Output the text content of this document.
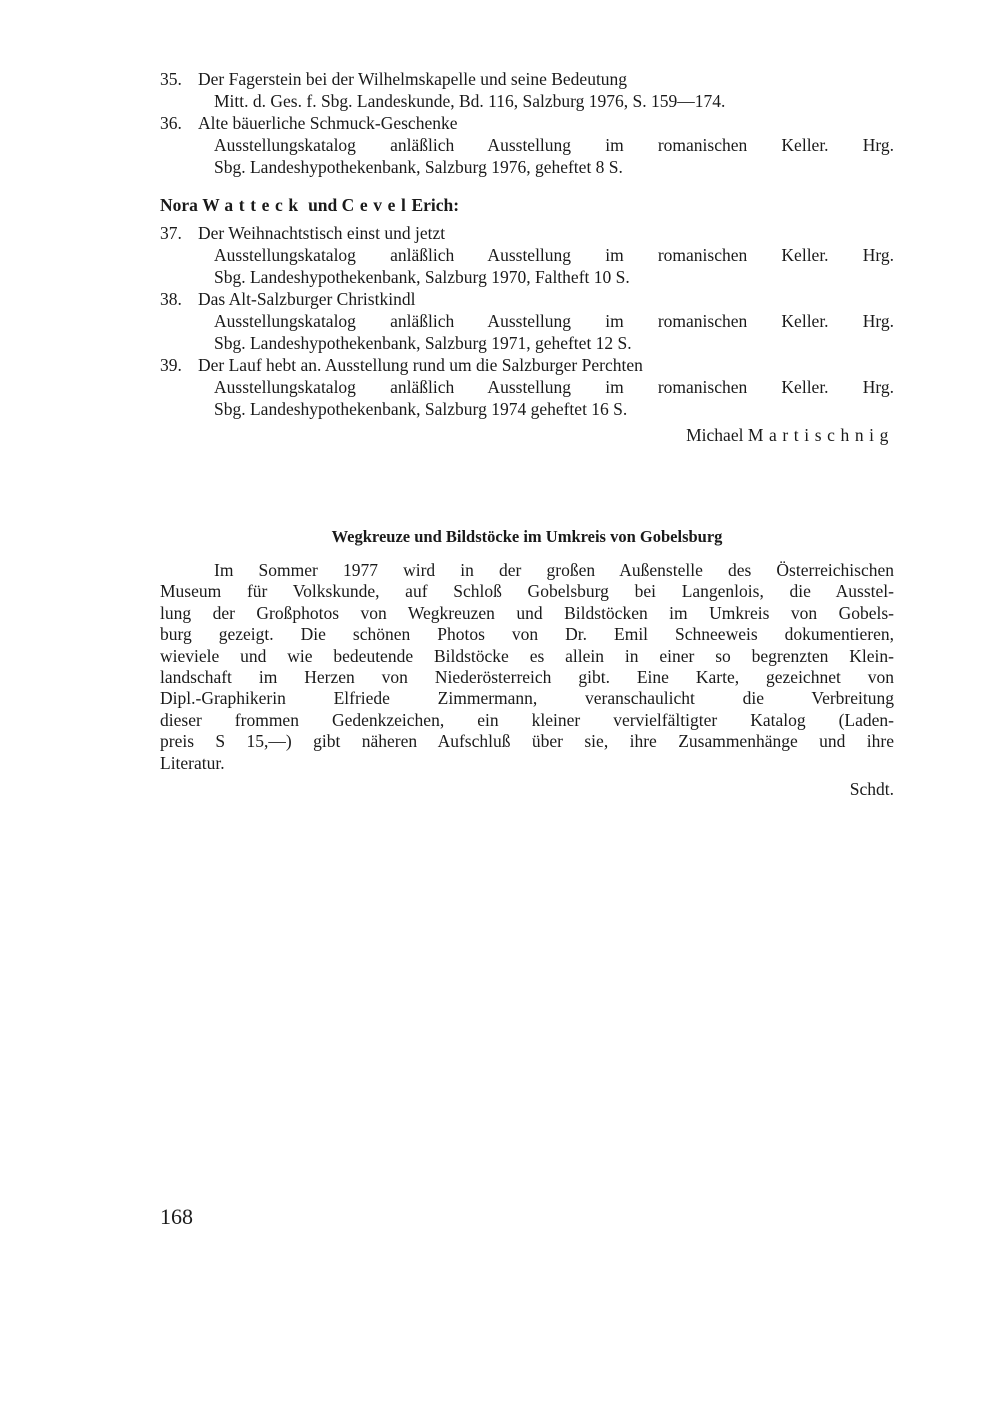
35. Der Fagerstein bei der Wilhelmskapelle und seine Bedeutung
Mitt. d. Ges. f. Sbg. Landeskunde, Bd. 116, Salzburg 1976, S. 159—174.
36. Alte bäuerliche Schmuck-Geschenke
Ausstellungskatalog anläßlich Ausstellung im romanischen Keller. Hrg.
Sbg. Landeshypothekenbank, Salzburg 1976, geheftet 8 S.
Nora Watteck und CevelErich:
37. Der Weihnachtstisch einst und jetzt
Ausstellungskatalog anläßlich Ausstellung im romanischen Keller. Hrg.
Sbg. Landeshypothekenbank, Salzburg 1970, Faltheft 10 S.
38. Das Alt-Salzburger Christkindl
Ausstellungskatalog anläßlich Ausstellung im romanischen Keller. Hrg.
Sbg. Landeshypothekenbank, Salzburg 1971, geheftet 12 S.
39. Der Lauf hebt an. Ausstellung rund um die Salzburger Perchten
Ausstellungskatalog anläßlich Ausstellung im romanischen Keller. Hrg.
Sbg. Landeshypothekenbank, Salzburg 1974 geheftet 16 S.
Michael Martischnig
Wegkreuze und Bildstöcke im Umkreis von Gobelsburg
Im Sommer 1977 wird in der großen Außenstelle des Österreichischen
Museum für Volkskunde, auf Schloß Gobelsburg bei Langenlois, die Ausstel-
lung der Großphotos von Wegkreuzen und Bildstöcken im Umkreis von Gobels-
burg gezeigt. Die schönen Photos von Dr. Emil Schneeweis dokumentieren,
wieviele und wie bedeutende Bildstöcke es allein in einer so begrenzten Klein-
landschaft im Herzen von Niederösterreich gibt. Eine Karte, gezeichnet von
Dipl.-Graphikerin Elfriede Zimmermann, veranschaulicht die Verbreitung
dieser frommen Gedenkzeichen, ein kleiner vervielfältigter Katalog (Laden-
preis S 15,—) gibt näheren Aufschluß über sie, ihre Zusammenhänge und ihre
Literatur.
Schdt.
168
